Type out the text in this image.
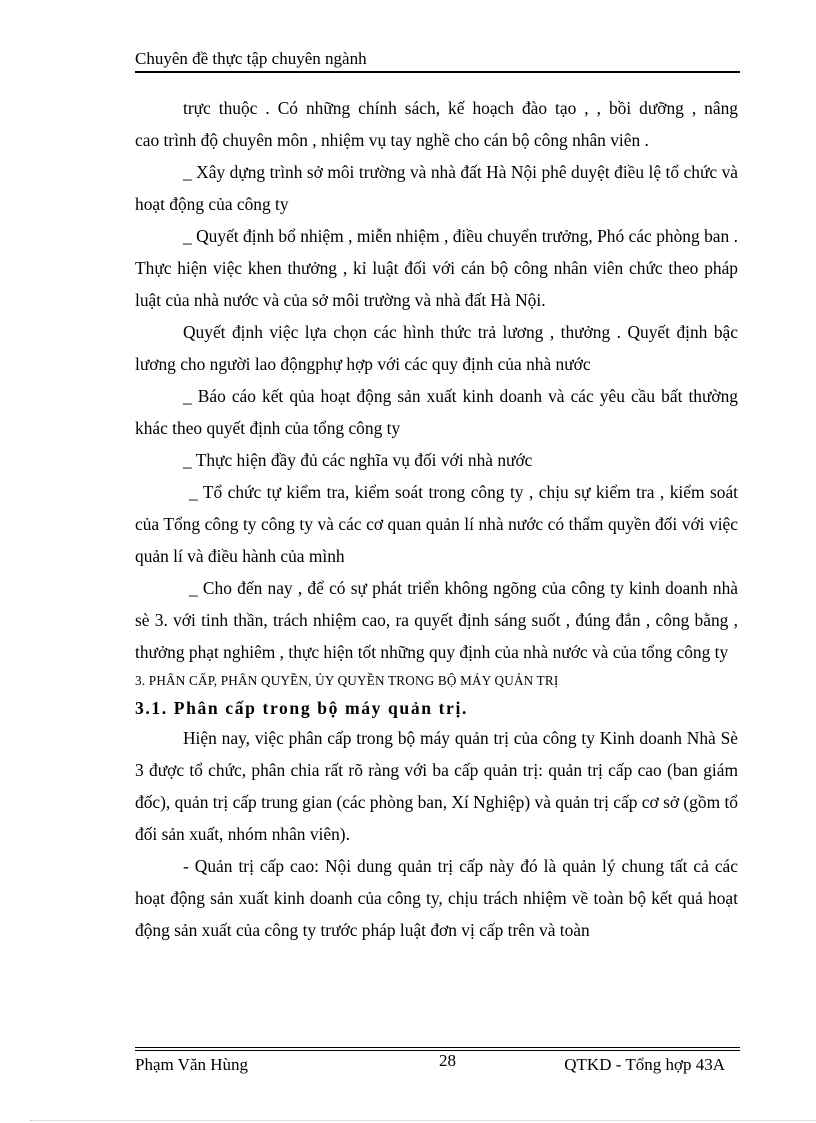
Chuyên đề thực tập chuyên ngành

trực thuộc . Có những chính sách, kế hoạch đào tạo , , bồi dưỡng , nâng

cao trình độ chuyên môn , nhiệm vụ tay nghề cho cán bộ công nhân viên .

_ Xây dựng trình sở môi trường và nhà đất Hà Nội phê duyệt điều lệ tổ chức và hoạt động của công ty

_ Quyết định bổ nhiệm , miễn nhiệm , điều chuyển trưởng, Phó các phòng ban . Thực hiện việc khen thưởng , kỉ luật đối với cán bộ công nhân viên chức theo pháp luật của nhà nước và của sở môi trường và nhà đất Hà Nội.

Quyết định việc lựa chọn các hình thức trả lương , thưởng . Quyết định bậc lương cho người lao độngphự hợp với các quy định của nhà nước

_ Báo cáo kết qủa hoạt động sản xuất kinh doanh và các yêu cầu bất thường khác theo quyết định của tổng công ty

_ Thực hiện đầy đủ các nghĩa vụ đối với nhà nước

_ Tổ chức tự kiểm tra, kiểm soát trong công ty , chịu sự kiểm tra , kiểm soát của Tổng công ty công ty và các cơ quan quản lí nhà nước có thẩm quyền đối với việc quản lí và điều hành của mình

_ Cho đến nay , để có sự phát triển không ngõng của công ty kinh doanh nhà sè 3. với tinh thần, trách nhiệm cao, ra quyết định sáng suốt , đúng đắn , công bằng , thưởng phạt nghiêm , thực hiện tốt những quy định của nhà nước và của tổng công ty

3. PHÂN CẤP, PHÂN QUYỀN, ỦY QUYỀN TRONG BỘ MÁY QUẢN TRỊ

3.1. Phân cấp trong bộ máy quản trị.

Hiện nay, việc phân cấp trong bộ máy quản trị của công ty Kinh doanh Nhà Sè 3 được tổ chức, phân chia rất rõ ràng với ba cấp quản trị: quản trị cấp cao (ban giám đốc), quản trị cấp trung gian (các phòng ban, Xí Nghiệp) và quản trị cấp cơ sở (gồm tổ đối sản xuất, nhóm nhân viên).

- Quản trị cấp cao: Nội dung quản trị cấp này đó là quản lý chung tất cả các hoạt động sản xuất kinh doanh của công ty, chịu trách nhiệm về toàn bộ kết quả hoạt động sản xuất của công ty trước pháp luật đơn vị cấp trên và toàn

Phạm Văn Hùng	28	QTKD - Tổng hợp 43A
